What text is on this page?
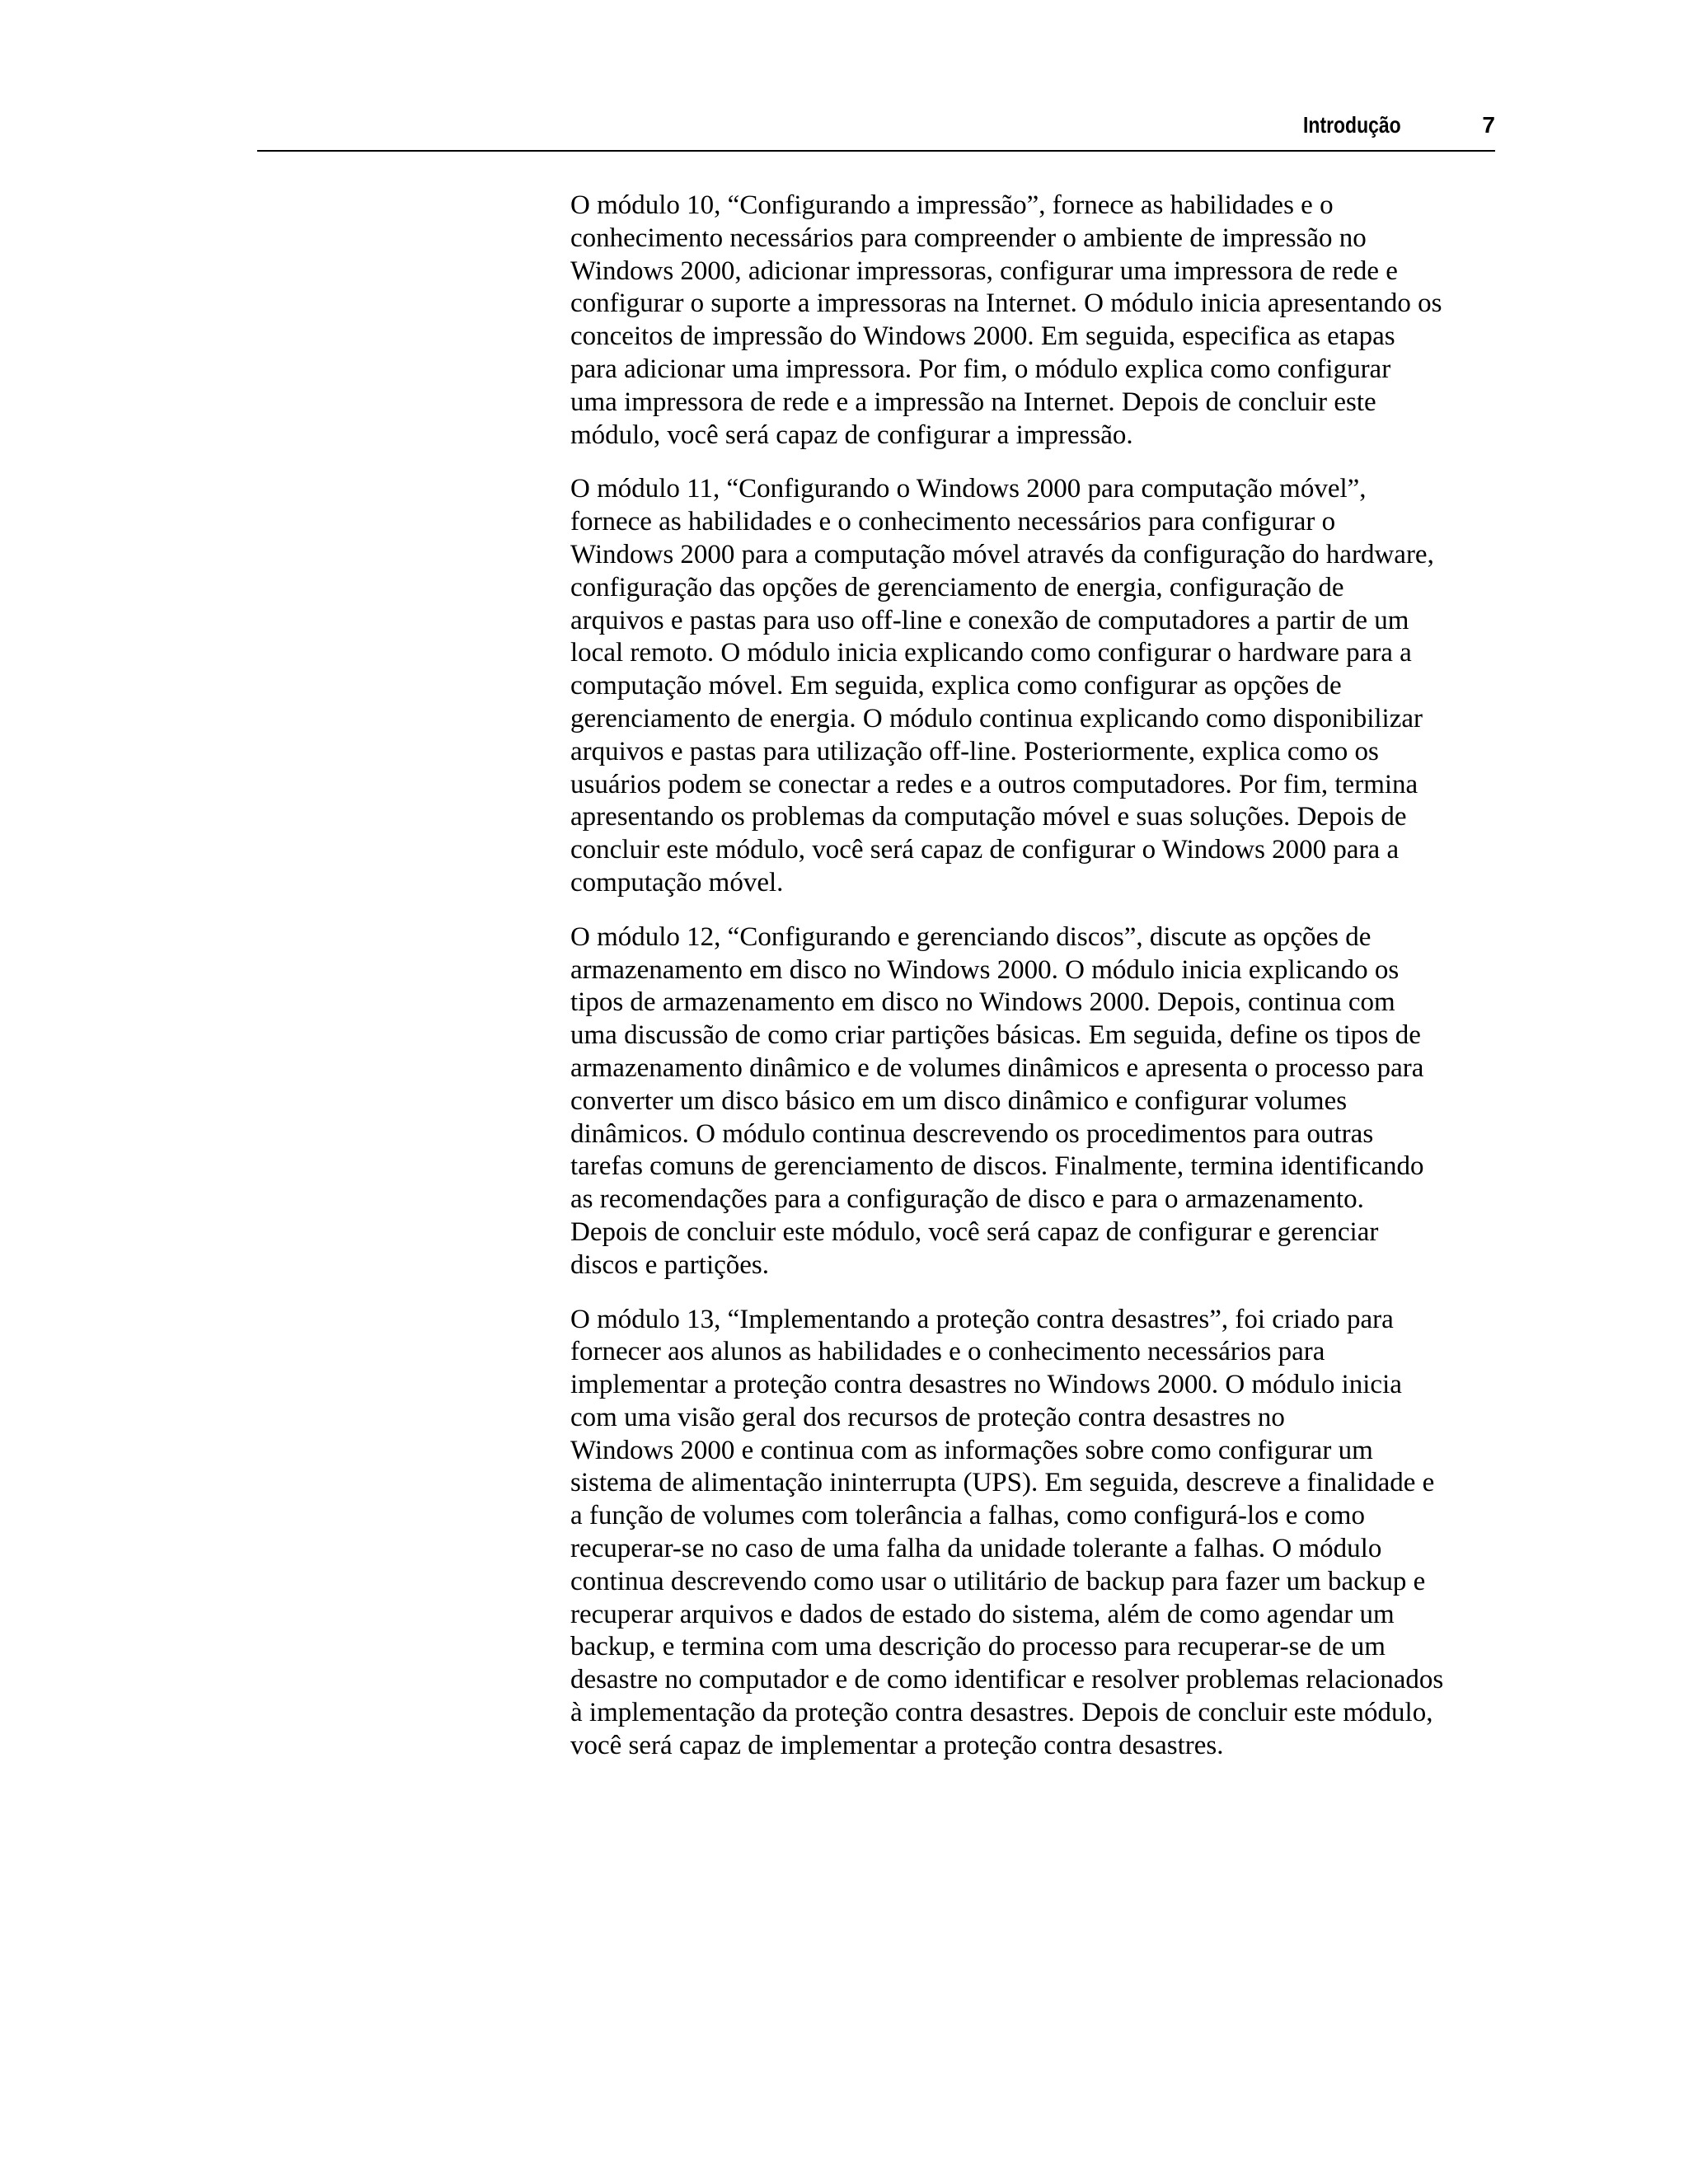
Introdução	7

O módulo 10, “Configurando a impressão”, fornece as habilidades e o
conhecimento necessários para compreender o ambiente de impressão no
Windows 2000, adicionar impressoras, configurar uma impressora de rede e
configurar o suporte a impressoras na Internet. O módulo inicia apresentando os
conceitos de impressão do Windows 2000. Em seguida, especifica as etapas
para adicionar uma impressora. Por fim, o módulo explica como configurar
uma impressora de rede e a impressão na Internet. Depois de concluir este
módulo, você será capaz de configurar a impressão.

O módulo 11, “Configurando o Windows 2000 para computação móvel”,
fornece as habilidades e o conhecimento necessários para configurar o
Windows 2000 para a computação móvel através da configuração do hardware,
configuração das opções de gerenciamento de energia, configuração de
arquivos e pastas para uso off-line e conexão de computadores a partir de um
local remoto. O módulo inicia explicando como configurar o hardware para a
computação móvel. Em seguida, explica como configurar as opções de
gerenciamento de energia. O módulo continua explicando como disponibilizar
arquivos e pastas para utilização off-line. Posteriormente, explica como os
usuários podem se conectar a redes e a outros computadores. Por fim, termina
apresentando os problemas da computação móvel e suas soluções. Depois de
concluir este módulo, você será capaz de configurar o Windows 2000 para a
computação móvel.

O módulo 12, “Configurando e gerenciando discos”, discute as opções de
armazenamento em disco no Windows 2000. O módulo inicia explicando os
tipos de armazenamento em disco no Windows 2000. Depois, continua com
uma discussão de como criar partições básicas. Em seguida, define os tipos de
armazenamento dinâmico e de volumes dinâmicos e apresenta o processo para
converter um disco básico em um disco dinâmico e configurar volumes
dinâmicos. O módulo continua descrevendo os procedimentos para outras
tarefas comuns de gerenciamento de discos. Finalmente, termina identificando
as recomendações para a configuração de disco e para o armazenamento.
Depois de concluir este módulo, você será capaz de configurar e gerenciar
discos e partições.

O módulo 13, “Implementando a proteção contra desastres”, foi criado para
fornecer aos alunos as habilidades e o conhecimento necessários para
implementar a proteção contra desastres no Windows 2000. O módulo inicia
com uma visão geral dos recursos de proteção contra desastres no
Windows 2000 e continua com as informações sobre como configurar um
sistema de alimentação ininterrupta (UPS). Em seguida, descreve a finalidade e
a função de volumes com tolerância a falhas, como configurá-los e como
recuperar-se no caso de uma falha da unidade tolerante a falhas. O módulo
continua descrevendo como usar o utilitário de backup para fazer um backup e
recuperar arquivos e dados de estado do sistema, além de como agendar um
backup, e termina com uma descrição do processo para recuperar-se de um
desastre no computador e de como identificar e resolver problemas relacionados
à implementação da proteção contra desastres. Depois de concluir este módulo,
você será capaz de implementar a proteção contra desastres.
